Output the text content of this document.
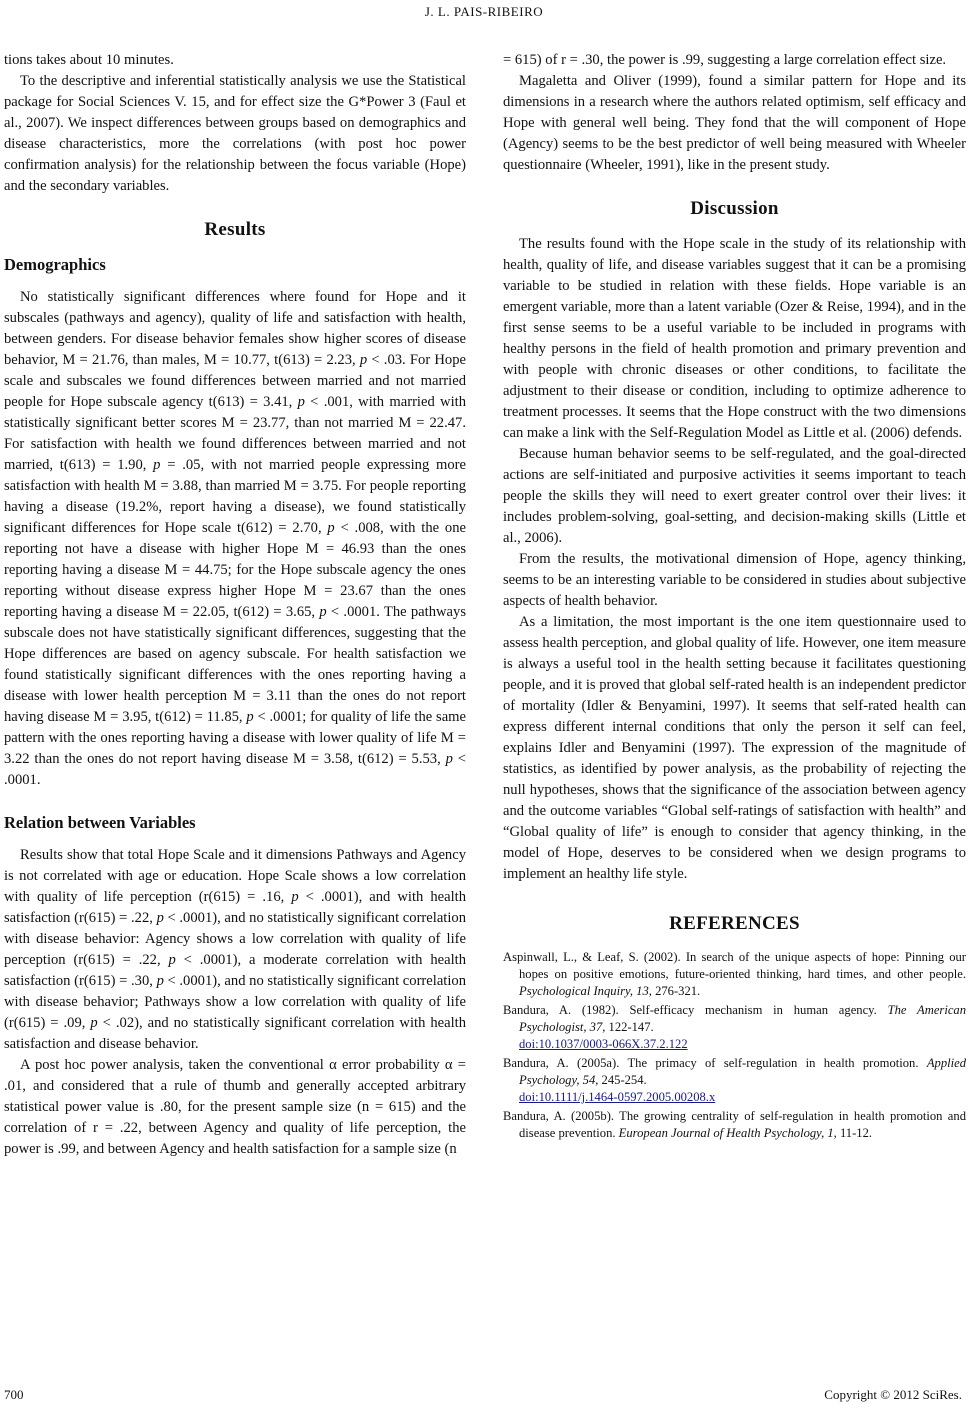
J. L. PAIS-RIBEIRO

tions takes about 10 minutes.

To the descriptive and inferential statistically analysis we use the Statistical package for Social Sciences V. 15, and for effect size the G*Power 3 (Faul et al., 2007). We inspect differences between groups based on demographics and disease characteristics, more the correlations (with post hoc power confirmation analysis) for the relationship between the focus variable (Hope) and the secondary variables.

Results
Demographics

No statistically significant differences where found for Hope and it subscales (pathways and agency), quality of life and satisfaction with health, between genders. For disease behavior females show higher scores of disease behavior, M = 21.76, than males, M = 10.77, t(613) = 2.23, p < .03. For Hope scale and subscales we found differences between married and not married people for Hope subscale agency t(613) = 3.41, p < .001, with married with statistically significant better scores M = 23.77, than not married M = 22.47. For satisfaction with health we found differences between married and not married, t(613) = 1.90, p = .05, with not married people expressing more satisfaction with health M = 3.88, than married M = 3.75. For people reporting having a disease (19.2%, report having a disease), we found statistically significant differences for Hope scale t(612) = 2.70, p < .008, with the one reporting not have a disease with higher Hope M = 46.93 than the ones reporting having a disease M = 44.75; for the Hope subscale agency the ones reporting without disease express higher Hope M = 23.67 than the ones reporting having a disease M = 22.05, t(612) = 3.65, p < .0001. The pathways subscale does not have statistically significant differences, suggesting that the Hope differences are based on agency subscale. For health satisfaction we found statistically significant differences with the ones reporting having a disease with lower health perception M = 3.11 than the ones do not report having disease M = 3.95, t(612) = 11.85, p < .0001; for quality of life the same pattern with the ones reporting having a disease with lower quality of life M = 3.22 than the ones do not report having disease M = 3.58, t(612) = 5.53, p < .0001.

Relation between Variables

Results show that total Hope Scale and it dimensions Pathways and Agency is not correlated with age or education. Hope Scale shows a low correlation with quality of life perception (r(615) = .16, p < .0001), and with health satisfaction (r(615) = .22, p < .0001), and no statistically significant correlation with disease behavior: Agency shows a low correlation with quality of life perception (r(615) = .22, p < .0001), a moderate correlation with health satisfaction (r(615) = .30, p < .0001), and no statistically significant correlation with disease behavior; Pathways show a low correlation with quality of life (r(615) = .09, p < .02), and no statistically significant correlation with health satisfaction and disease behavior.

A post hoc power analysis, taken the conventional α error probability α = .01, and considered that a rule of thumb and generally accepted arbitrary statistical power value is .80, for the present sample size (n = 615) and the correlation of r = .22, between Agency and quality of life perception, the power is .99, and between Agency and health satisfaction for a sample size (n

= 615) of r = .30, the power is .99, suggesting a large correlation effect size.

Magaletta and Oliver (1999), found a similar pattern for Hope and its dimensions in a research where the authors related optimism, self efficacy and Hope with general well being. They fond that the will component of Hope (Agency) seems to be the best predictor of well being measured with Wheeler questionnaire (Wheeler, 1991), like in the present study.

Discussion

The results found with the Hope scale in the study of its relationship with health, quality of life, and disease variables suggest that it can be a promising variable to be studied in relation with these fields. Hope variable is an emergent variable, more than a latent variable (Ozer & Reise, 1994), and in the first sense seems to be a useful variable to be included in programs with healthy persons in the field of health promotion and primary prevention and with people with chronic diseases or other conditions, to facilitate the adjustment to their disease or condition, including to optimize adherence to treatment processes. It seems that the Hope construct with the two dimensions can make a link with the Self-Regulation Model as Little et al. (2006) defends.

Because human behavior seems to be self-regulated, and the goal-directed actions are self-initiated and purposive activities it seems important to teach people the skills they will need to exert greater control over their lives: it includes problem-solving, goal-setting, and decision-making skills (Little et al., 2006).

From the results, the motivational dimension of Hope, agency thinking, seems to be an interesting variable to be considered in studies about subjective aspects of health behavior.

As a limitation, the most important is the one item questionnaire used to assess health perception, and global quality of life. However, one item measure is always a useful tool in the health setting because it facilitates questioning people, and it is proved that global self-rated health is an independent predictor of mortality (Idler & Benyamini, 1997). It seems that self-rated health can express different internal conditions that only the person it self can feel, explains Idler and Benyamini (1997). The expression of the magnitude of statistics, as identified by power analysis, as the probability of rejecting the null hypotheses, shows that the significance of the association between agency and the outcome variables “Global self-ratings of satisfaction with health” and “Global quality of life” is enough to consider that agency thinking, in the model of Hope, deserves to be considered when we design programs to implement an healthy life style.

REFERENCES

Aspinwall, L., & Leaf, S. (2002). In search of the unique aspects of hope: Pinning our hopes on positive emotions, future-oriented thinking, hard times, and other people. Psychological Inquiry, 13, 276-321.

Bandura, A. (1982). Self-efficacy mechanism in human agency. The American Psychologist, 37, 122-147.

doi:10.1037/0003-066X.37.2.122

Bandura, A. (2005a). The primacy of self-regulation in health promotion. Applied Psychology, 54, 245-254.

doi:10.1111/j.1464-0597.2005.00208.x

Bandura, A. (2005b). The growing centrality of self-regulation in health promotion and disease prevention. European Journal of Health Psychology, 1, 11-12.

700	Copyright © 2012 SciRes.
